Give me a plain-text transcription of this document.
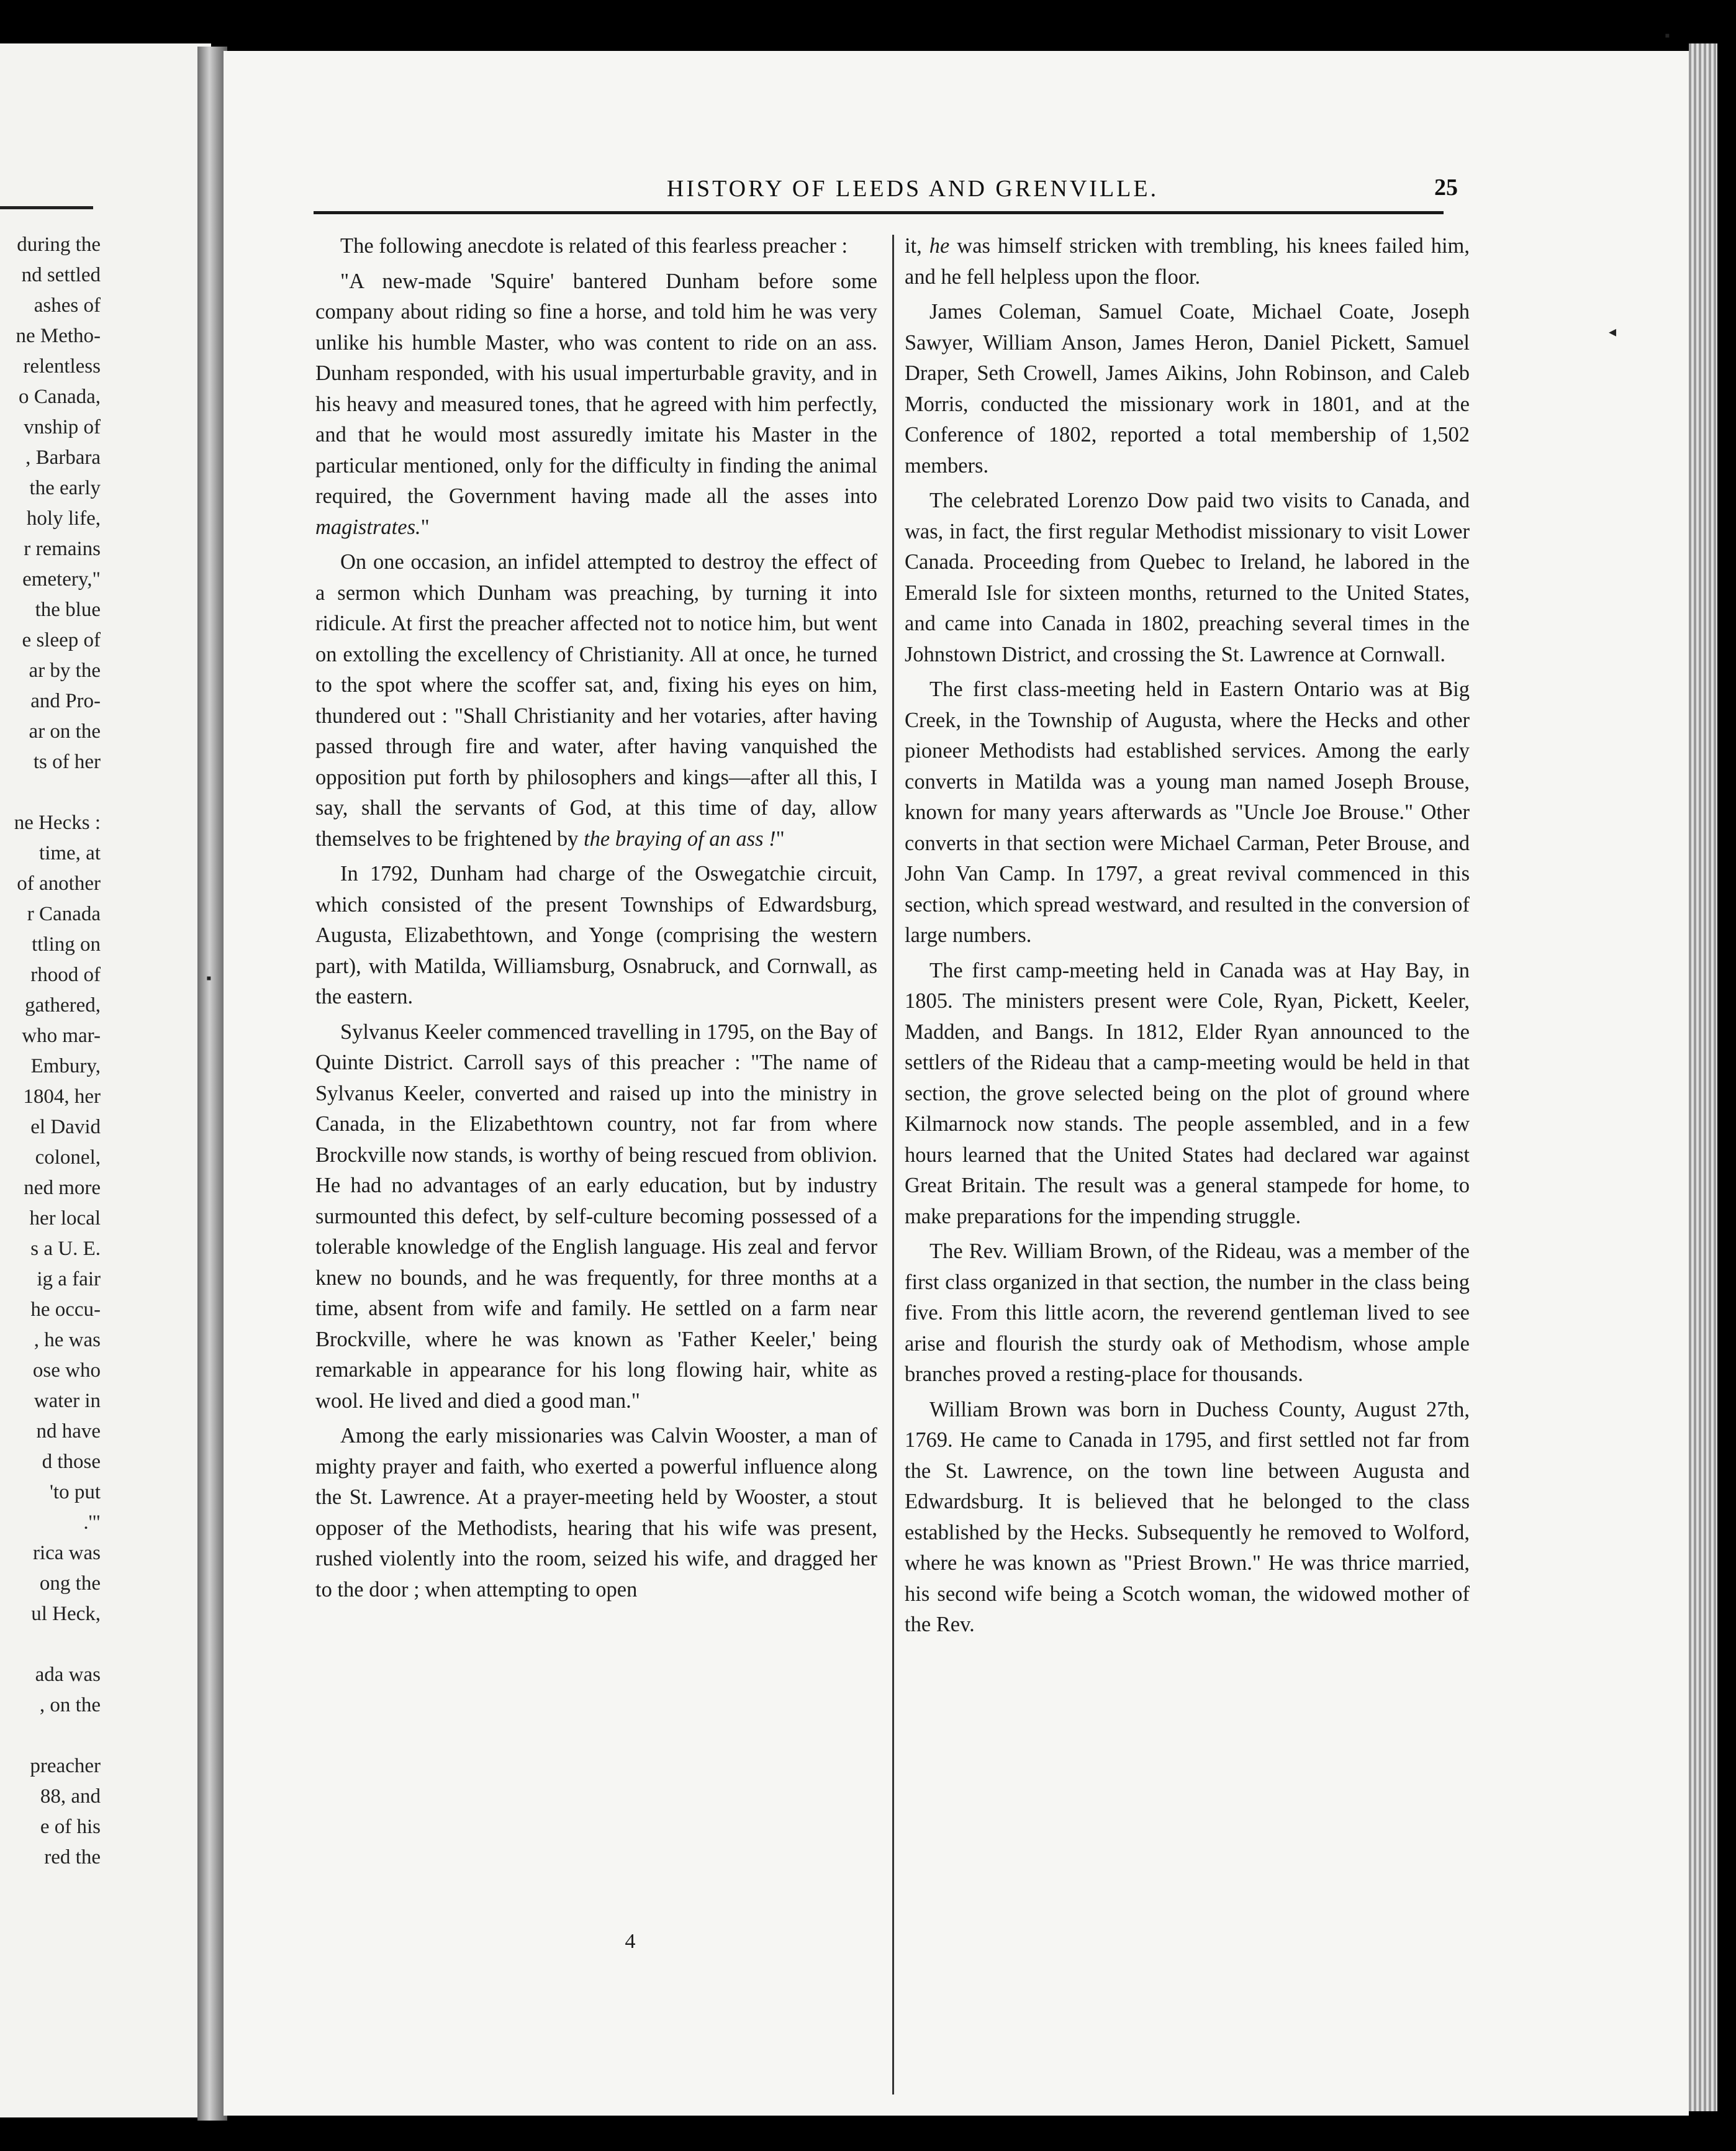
during the
nd settled
ashes of
ne Metho-
relentless
o Canada,
vnship of
, Barbara
the early
holy life,
r remains
emetery,"
the blue
e sleep of
ar by the
and Pro-
ar on the
ts of her
ne Hecks :
time, at
of another
r Canada
ttling on
rhood of
gathered,
who mar-
Embury,
1804, her
el David
colonel,
ned more
her local
s a U. E.
ig a fair
he occu-
, he was
ose who
water in
nd have
d those
'to put
.'"
rica was
ong the
ul Heck,
ada was
, on the
preacher
88, and
e of his
red the
HISTORY OF LEEDS AND GRENVILLE.	25

The following anecdote is related of this fearless preacher :

"A new-made 'Squire' bantered Dunham before some company about riding so fine a horse, and told him he was very unlike his humble Master, who was content to ride on an ass. Dunham responded, with his usual imperturbable gravity, and in his heavy and measured tones, that he agreed with him perfectly, and that he would most assuredly imitate his Master in the particular mentioned, only for the difficulty in finding the animal required, the Government having made all the asses into magistrates."

On one occasion, an infidel attempted to destroy the effect of a sermon which Dunham was preaching, by turning it into ridicule. At first the preacher affected not to notice him, but went on extolling the excellency of Christianity. All at once, he turned to the spot where the scoffer sat, and, fixing his eyes on him, thundered out : "Shall Christianity and her votaries, after having passed through fire and water, after having vanquished the opposition put forth by philosophers and kings—after all this, I say, shall the servants of God, at this time of day, allow themselves to be frightened by the braying of an ass !"

In 1792, Dunham had charge of the Oswegatchie circuit, which consisted of the present Townships of Edwardsburg, Augusta, Elizabethtown, and Yonge (comprising the western part), with Matilda, Williamsburg, Osnabruck, and Cornwall, as the eastern.

Sylvanus Keeler commenced travelling in 1795, on the Bay of Quinte District. Carroll says of this preacher : "The name of Sylvanus Keeler, converted and raised up into the ministry in Canada, in the Elizabethtown country, not far from where Brockville now stands, is worthy of being rescued from oblivion. He had no advantages of an early education, but by industry surmounted this defect, by self-culture becoming possessed of a tolerable knowledge of the English language. His zeal and fervor knew no bounds, and he was frequently, for three months at a time, absent from wife and family. He settled on a farm near Brockville, where he was known as 'Father Keeler,' being remarkable in appearance for his long flowing hair, white as wool. He lived and died a good man."

Among the early missionaries was Calvin Wooster, a man of mighty prayer and faith, who exerted a powerful influence along the St. Lawrence. At a prayer-meeting held by Wooster, a stout opposer of the Methodists, hearing that his wife was present, rushed violently into the room, seized his wife, and dragged her to the door ; when attempting to open

it, he was himself stricken with trembling, his knees failed him, and he fell helpless upon the floor.

James Coleman, Samuel Coate, Michael Coate, Joseph Sawyer, William Anson, James Heron, Daniel Pickett, Samuel Draper, Seth Crowell, James Aikins, John Robinson, and Caleb Morris, conducted the missionary work in 1801, and at the Conference of 1802, reported a total membership of 1,502 members.

The celebrated Lorenzo Dow paid two visits to Canada, and was, in fact, the first regular Methodist missionary to visit Lower Canada. Proceeding from Quebec to Ireland, he labored in the Emerald Isle for sixteen months, returned to the United States, and came into Canada in 1802, preaching several times in the Johnstown District, and crossing the St. Lawrence at Cornwall.

The first class-meeting held in Eastern Ontario was at Big Creek, in the Township of Augusta, where the Hecks and other pioneer Methodists had established services. Among the early converts in Matilda was a young man named Joseph Brouse, known for many years afterwards as "Uncle Joe Brouse." Other converts in that section were Michael Carman, Peter Brouse, and John Van Camp. In 1797, a great revival commenced in this section, which spread westward, and resulted in the conversion of large numbers.

The first camp-meeting held in Canada was at Hay Bay, in 1805. The ministers present were Cole, Ryan, Pickett, Keeler, Madden, and Bangs. In 1812, Elder Ryan announced to the settlers of the Rideau that a camp-meeting would be held in that section, the grove selected being on the plot of ground where Kilmarnock now stands. The people assembled, and in a few hours learned that the United States had declared war against Great Britain. The result was a general stampede for home, to make preparations for the impending struggle.

The Rev. William Brown, of the Rideau, was a member of the first class organized in that section, the number in the class being five. From this little acorn, the reverend gentleman lived to see arise and flourish the sturdy oak of Methodism, whose ample branches proved a resting-place for thousands.

William Brown was born in Duchess County, August 27th, 1769. He came to Canada in 1795, and first settled not far from the St. Lawrence, on the town line between Augusta and Edwardsburg. It is believed that he belonged to the class established by the Hecks. Subsequently he removed to Wolford, where he was known as "Priest Brown." He was thrice married, his second wife being a Scotch woman, the widowed mother of the Rev.

4
▪
◂
▪
